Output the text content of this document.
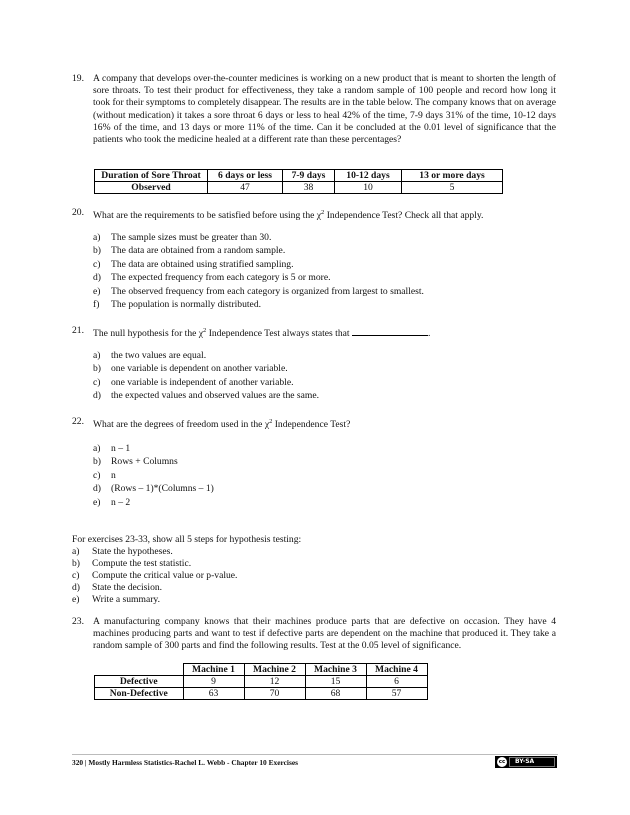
19. A company that develops over-the-counter medicines is working on a new product that is meant to shorten the length of sore throats. To test their product for effectiveness, they take a random sample of 100 people and record how long it took for their symptoms to completely disappear. The results are in the table below. The company knows that on average (without medication) it takes a sore throat 6 days or less to heal 42% of the time, 7-9 days 31% of the time, 10-12 days 16% of the time, and 13 days or more 11% of the time. Can it be concluded at the 0.01 level of significance that the patients who took the medicine healed at a different rate than these percentages?
Duration of Sore Throat	6 days or less	7-9 days	10-12 days	13 or more days
Observed	47	38	10	5
20. What are the requirements to be satisfied before using the $\chi^2$ Independence Test? Check all that apply.
a)	The sample sizes must be greater than 30.
b)	The data are obtained from a random sample.
c)	The data are obtained using stratified sampling.
d)	The expected frequency from each category is 5 or more.
e)	The observed frequency from each category is organized from largest to smallest.
f)	The population is normally distributed.
21. The null hypothesis for the $\chi^2$ Independence Test always states that	.
a)	the two values are equal.
b)	one variable is dependent on another variable.
c)	one variable is independent of another variable.
d)	the expected values and observed values are the same.
22. What are the degrees of freedom used in the $\chi^2$ Independence Test?
a)	n – 1
b)	Rows + Columns
c)	n
d)	(Rows – 1)*(Columns – 1)
e)	n – 2
For exercises 23-33, show all 5 steps for hypothesis testing:
a) State the hypotheses.
b) Compute the test statistic.
c) Compute the critical value or p-value.
d) State the decision.
e) Write a summary.
23. A manufacturing company knows that their machines produce parts that are defective on occasion. They have 4 machines producing parts and want to test if defective parts are dependent on the machine that produced it. They take a random sample of 300 parts and find the following results. Test at the 0.05 level of significance.
	Machine 1	Machine 2	Machine 3	Machine 4
Defective	9	12	15	6
Non-Defective	63	70	68	57
320 | Mostly Harmless Statistics-Rachel L. Webb - Chapter 10 Exercises	cc BY-SA
